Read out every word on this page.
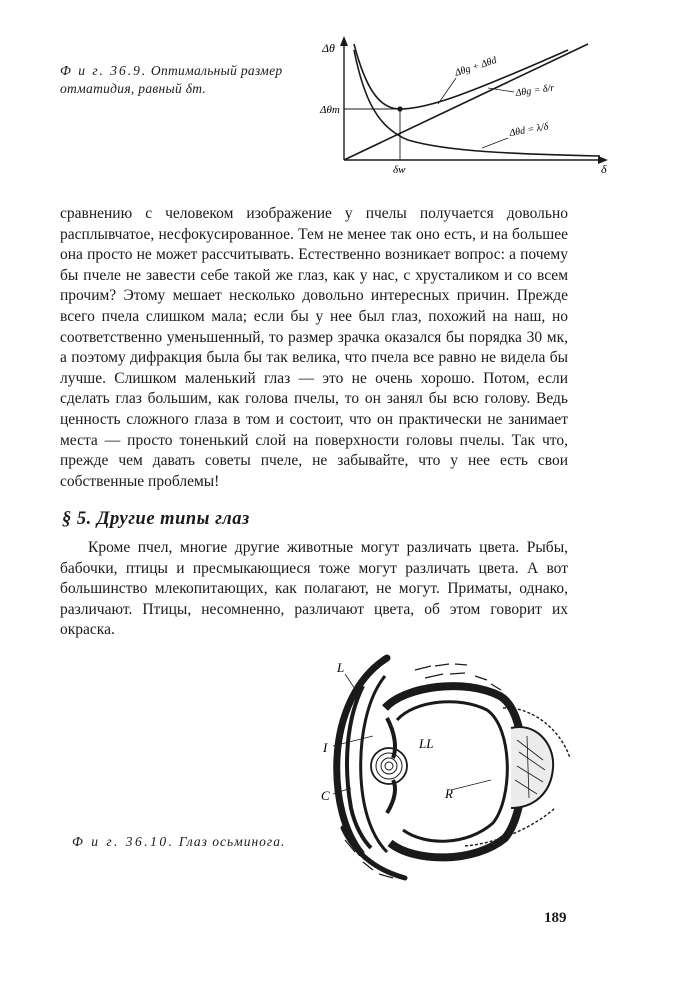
Ф и г. 36.9. Оптимальный размер оmматидия, равный δm.
Δθ
δ
Δθm
δw
Δθg + Δθd
Δθg = δ/r
Δθd = λ/δ

сравнению с человеком изображение у пчелы получается довольно расплывчатое, несфокусированное. Тем не менее так оно есть, и на большее она просто не может рассчитывать. Естественно возникает вопрос: а почему бы пчеле не завести себе такой же глаз, как у нас, с хрусталиком и со всем прочим? Этому мешает несколько довольно интересных причин. Прежде всего пчела слишком мала; если бы у нее был глаз, похожий на наш, но соответственно уменьшенный, то размер зрачка оказался бы порядка 30 мк, а поэтому дифракция была бы так велика, что пчела все равно не видела бы лучше. Слишком маленький глаз — это не очень хорошо. Потом, если сделать глаз большим, как голова пчелы, то он занял бы всю голову. Ведь ценность сложного глаза в том и состоит, что он практически не занимает места — просто тоненький слой на поверхности головы пчелы. Так что, прежде чем давать советы пчеле, не забывайте, что у нее есть свои собственные проблемы!

§ 5. Другие типы глаз

Кроме пчел, многие другие животные могут различать цвета. Рыбы, бабочки, птицы и пресмыкающиеся тоже могут различать цвета. А вот большинство млекопитающих, как полагают, не могут. Приматы, однако, различают. Птицы, несомненно, различают цвета, об этом говорит их окраска.

L
I	LL
C	R
Ф и г. 36.10. Глаз осьминога.
189
